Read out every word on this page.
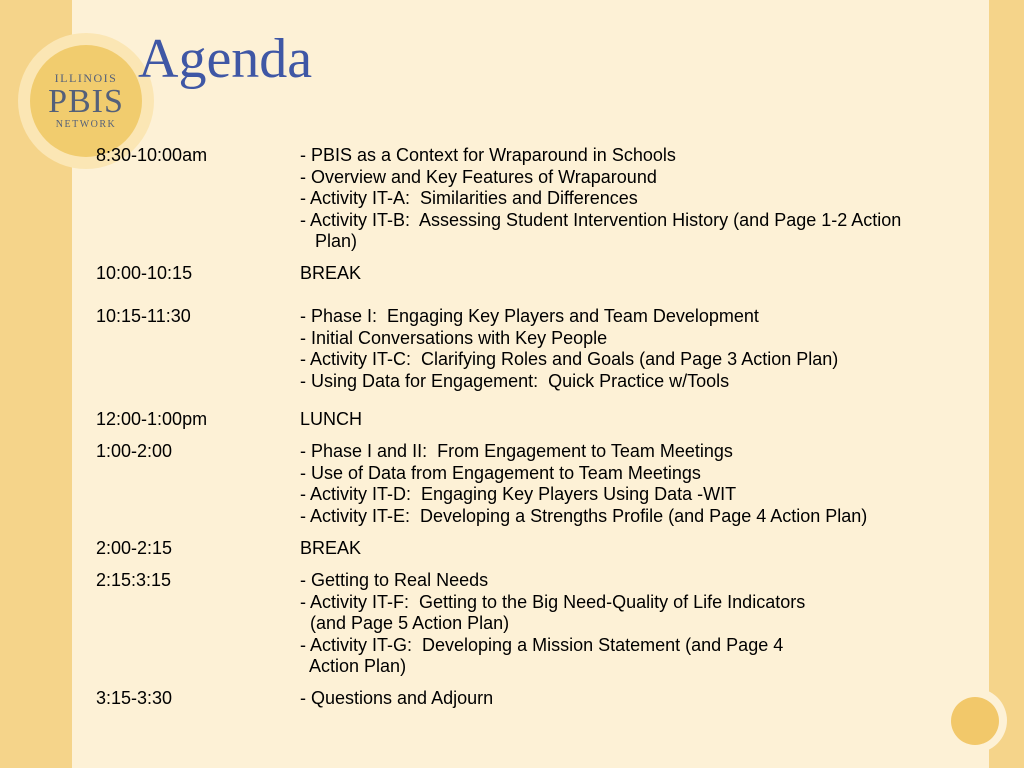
ILLINOIS
PBIS
NETWORK
Agenda
8:30-10:00am	- PBIS as a Context for Wraparound in Schools
- Overview and Key Features of Wraparound
- Activity IT-A:  Similarities and Differences
- Activity IT-B:  Assessing Student Intervention History (and Page 1-2 Action
Plan)
10:00-10:15	BREAK
10:15-11:30	- Phase I:  Engaging Key Players and Team Development
- Initial Conversations with Key People
- Activity IT-C:  Clarifying Roles and Goals (and Page 3 Action Plan)
- Using Data for Engagement:  Quick Practice w/Tools
12:00-1:00pm	LUNCH
1:00-2:00	- Phase I and II:  From Engagement to Team Meetings
- Use of Data from Engagement to Team Meetings
- Activity IT-D:  Engaging Key Players Using Data -WIT
- Activity IT-E:  Developing a Strengths Profile (and Page 4 Action Plan)
2:00-2:15	BREAK
2:15:3:15	- Getting to Real Needs
- Activity IT-F:  Getting to the Big Need-Quality of Life Indicators
(and Page 5 Action Plan)
- Activity IT-G:  Developing a Mission Statement (and Page 4
Action Plan)
3:15-3:30	- Questions and Adjourn
